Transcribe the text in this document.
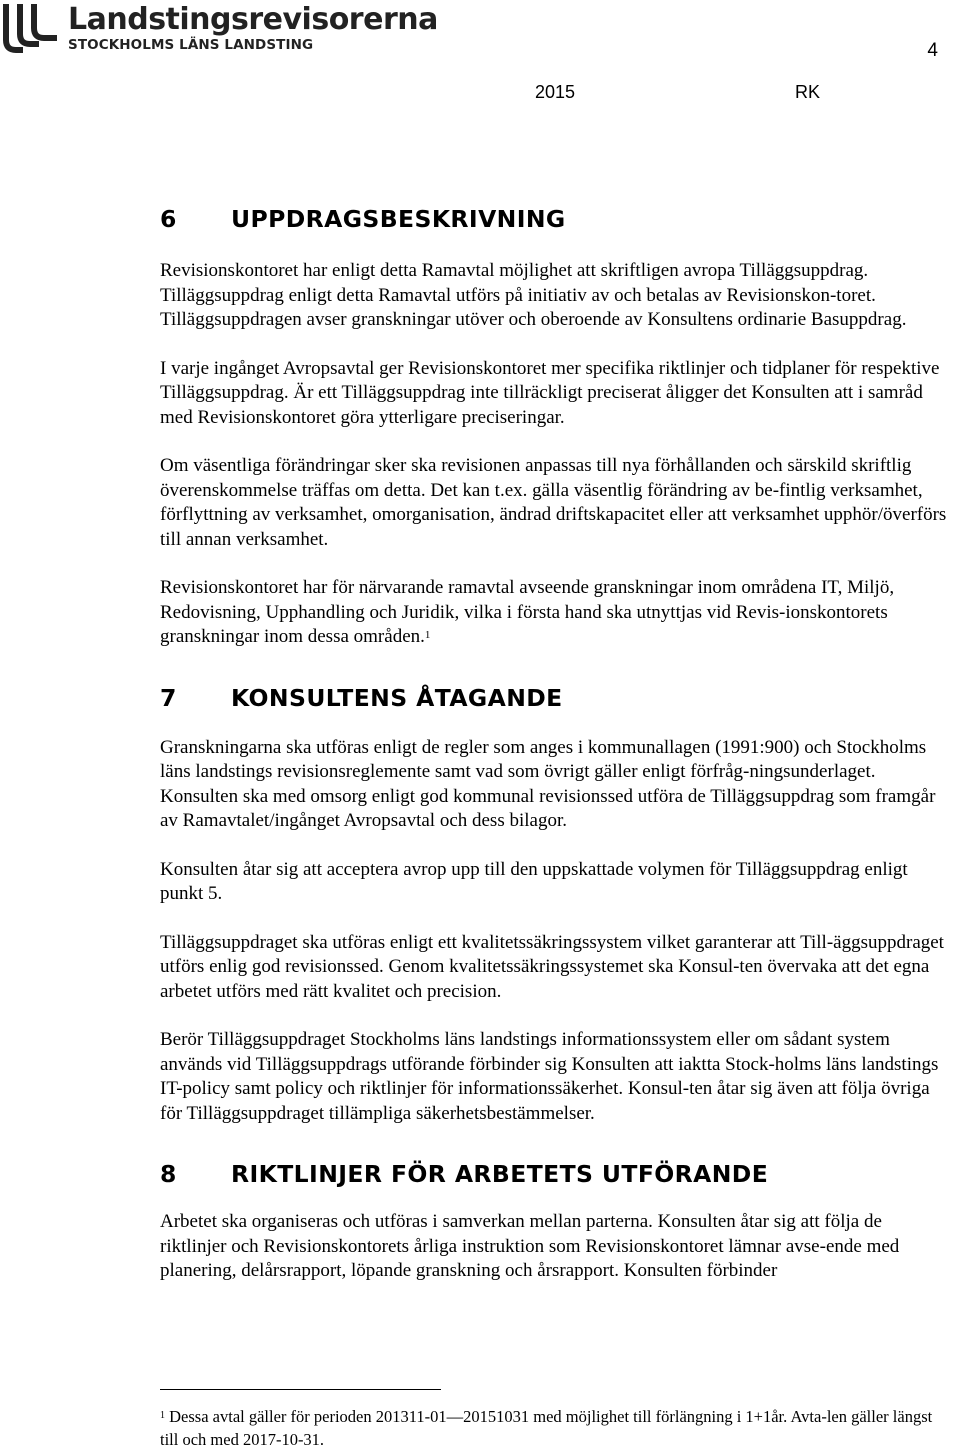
Landstingsrevisorerna
STOCKHOLMS LÄNS LANDSTING	4
2015	RK
6	UPPDRAGSBESKRIVNING

Revisionskontoret har enligt detta Ramavtal möjlighet att skriftligen avropa Tilläggsuppdrag. Tilläggsuppdrag enligt detta Ramavtal utförs på initiativ av och betalas av Revisionskon-toret. Tilläggsuppdragen avser granskningar utöver och oberoende av Konsultens ordinarie Basuppdrag.

I varje ingånget Avropsavtal ger Revisionskontoret mer specifika riktlinjer och tidplaner för respektive Tilläggsuppdrag. Är ett Tilläggsuppdrag inte tillräckligt preciserat åligger det Konsulten att i samråd med Revisionskontoret göra ytterligare preciseringar.

Om väsentliga förändringar sker ska revisionen anpassas till nya förhållanden och särskild skriftlig överenskommelse träffas om detta. Det kan t.ex. gälla väsentlig förändring av be-fintlig verksamhet, förflyttning av verksamhet, omorganisation, ändrad driftskapacitet eller att verksamhet upphör/överförs till annan verksamhet.

Revisionskontoret har för närvarande ramavtal avseende granskningar inom områdena IT, Miljö, Redovisning, Upphandling och Juridik, vilka i första hand ska utnyttjas vid Revis-ionskontorets granskningar inom dessa områden.$^1$

7	KONSULTENS ÅTAGANDE

Granskningarna ska utföras enligt de regler som anges i kommunallagen (1991:900) och Stockholms läns landstings revisionsreglemente samt vad som övrigt gäller enligt förfråg-ningsunderlaget. Konsulten ska med omsorg enligt god kommunal revisionssed utföra de Tilläggsuppdrag som framgår av Ramavtalet/ingånget Avropsavtal och dess bilagor.

Konsulten åtar sig att acceptera avrop upp till den uppskattade volymen för Tilläggsuppdrag enligt punkt 5.

Tilläggsuppdraget ska utföras enligt ett kvalitetssäkringssystem vilket garanterar att Till-äggsuppdraget utförs enlig god revisionssed. Genom kvalitetssäkringssystemet ska Konsul-ten övervaka att det egna arbetet utförs med rätt kvalitet och precision.

Berör Tilläggsuppdraget Stockholms läns landstings informationssystem eller om sådant system används vid Tilläggsuppdrags utförande förbinder sig Konsulten att iaktta Stock-holms läns landstings IT-policy samt policy och riktlinjer för informationssäkerhet. Konsul-ten åtar sig även att följa övriga för Tilläggsuppdraget tillämpliga säkerhetsbestämmelser.

8	RIKTLINJER FÖR ARBETETS UTFÖRANDE

Arbetet ska organiseras och utföras i samverkan mellan parterna. Konsulten åtar sig att följa de riktlinjer och Revisionskontorets årliga instruktion som Revisionskontoret lämnar avse-ende med planering, delårsrapport, löpande granskning och årsrapport. Konsulten förbinder

$^1$ Dessa avtal gäller för perioden 201311-01—20151031 med möjlighet till förlängning i 1+1år. Avta-len gäller längst till och med 2017-10-31.
